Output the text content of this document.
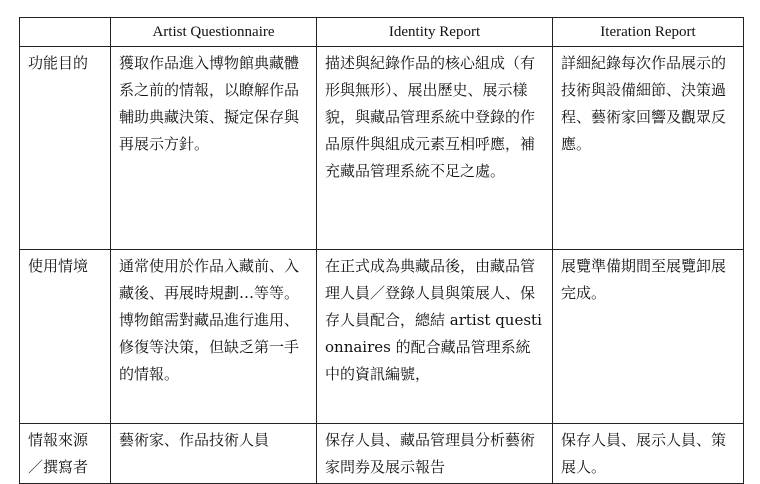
	Artist Questionnaire	Identity Report	Iteration Report
功能目的	獲取作品進入博物館典藏體系之前的情報，以瞭解作品輔助典藏決策、擬定保存與再展示方針。	描述與紀錄作品的核心組成（有形與無形）、展出歷史、展示樣貌，與藏品管理系統中登錄的作品原件與組成元素互相呼應，補充藏品管理系統不足之處。	詳細紀錄每次作品展示的技術與設備細節、決策過程、藝術家回響及觀眾反應。
使用情境	通常使用於作品入藏前、入藏後、再展時規劃…等等。博物館需對藏品進行進用、修復等決策，但缺乏第一手的情報。	在正式成為典藏品後，由藏品管理人員／登錄人員與策展人、保存人員配合，總結 artist questionnaires 的配合藏品管理系統中的資訊編號，	展覽準備期間至展覽卸展完成。
情報來源／撰寫者	藝術家、作品技術人員	保存人員、藏品管理員分析藝術家問券及展示報告	保存人員、展示人員、策展人。
